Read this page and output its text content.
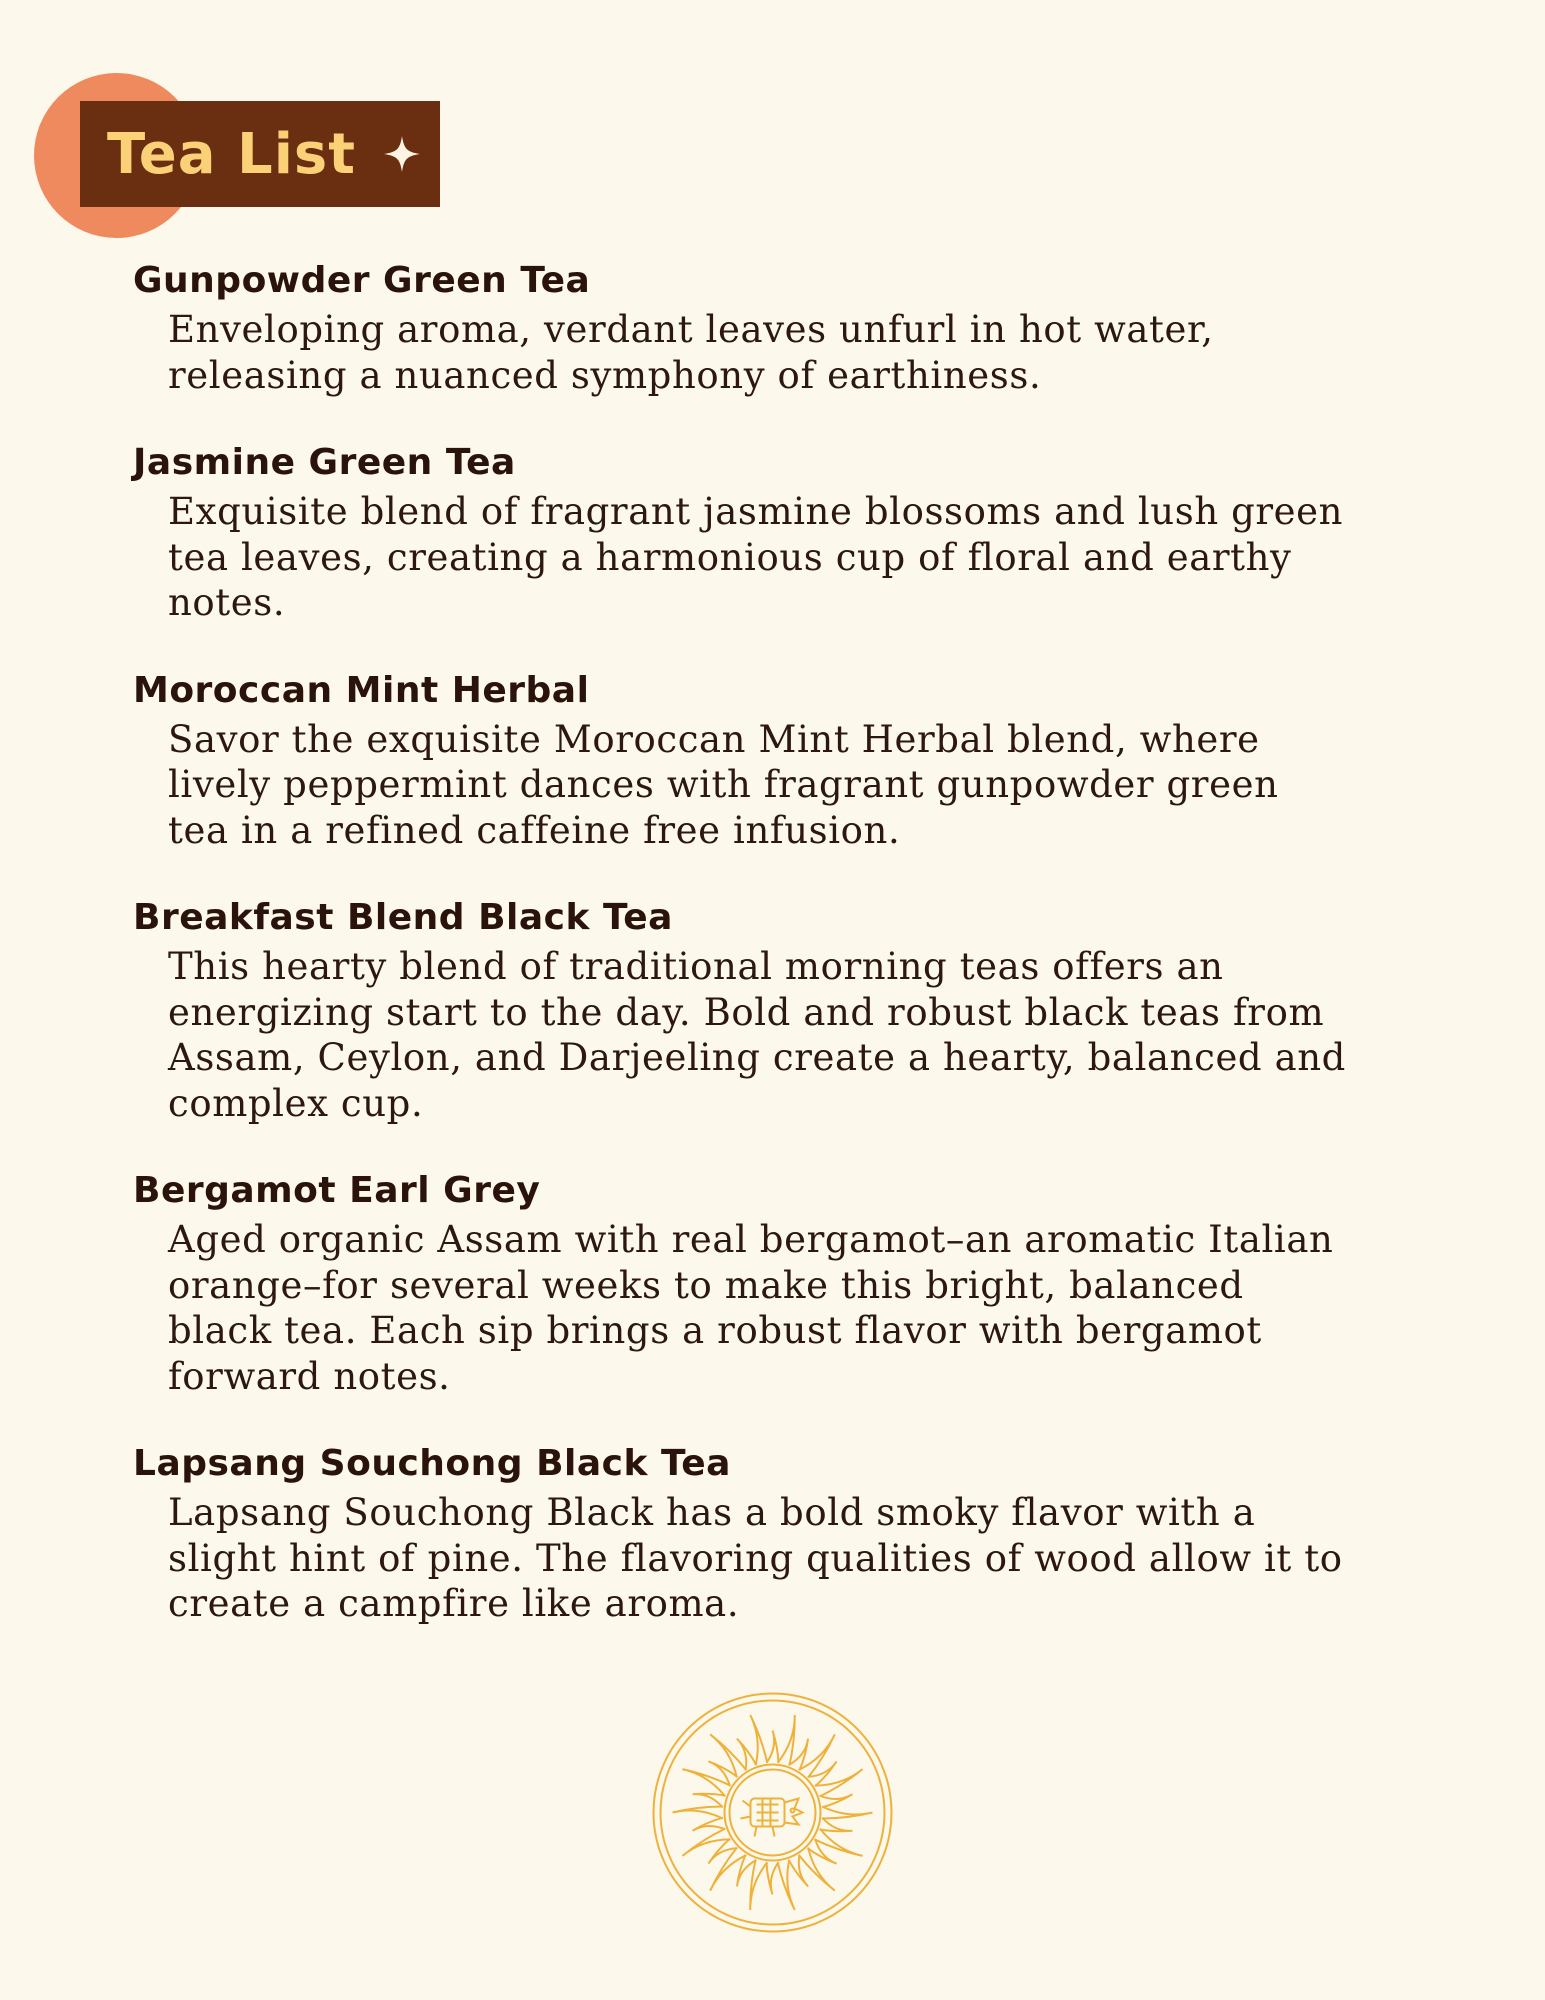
Tea List
Gunpowder Green Tea
Enveloping aroma, verdant leaves unfurl in hot water, releasing a nuanced symphony of earthiness.
Jasmine Green Tea
Exquisite blend of fragrant jasmine blossoms and lush green tea leaves, creating a harmonious cup of floral and earthy notes.
Moroccan Mint Herbal
Savor the exquisite Moroccan Mint Herbal blend, where lively peppermint dances with fragrant gunpowder green tea in a refined caffeine free infusion.
Breakfast Blend Black Tea
This hearty blend of traditional morning teas offers an energizing start to the day. Bold and robust black teas from Assam, Ceylon, and Darjeeling create a hearty, balanced and complex cup.
Bergamot Earl Grey
Aged organic Assam with real bergamot–an aromatic Italian orange–for several weeks to make this bright, balanced black tea. Each sip brings a robust flavor with bergamot forward notes.
Lapsang Souchong Black Tea
Lapsang Souchong Black has a bold smoky flavor with a slight hint of pine. The flavoring qualities of wood allow it to create a campfire like aroma.
